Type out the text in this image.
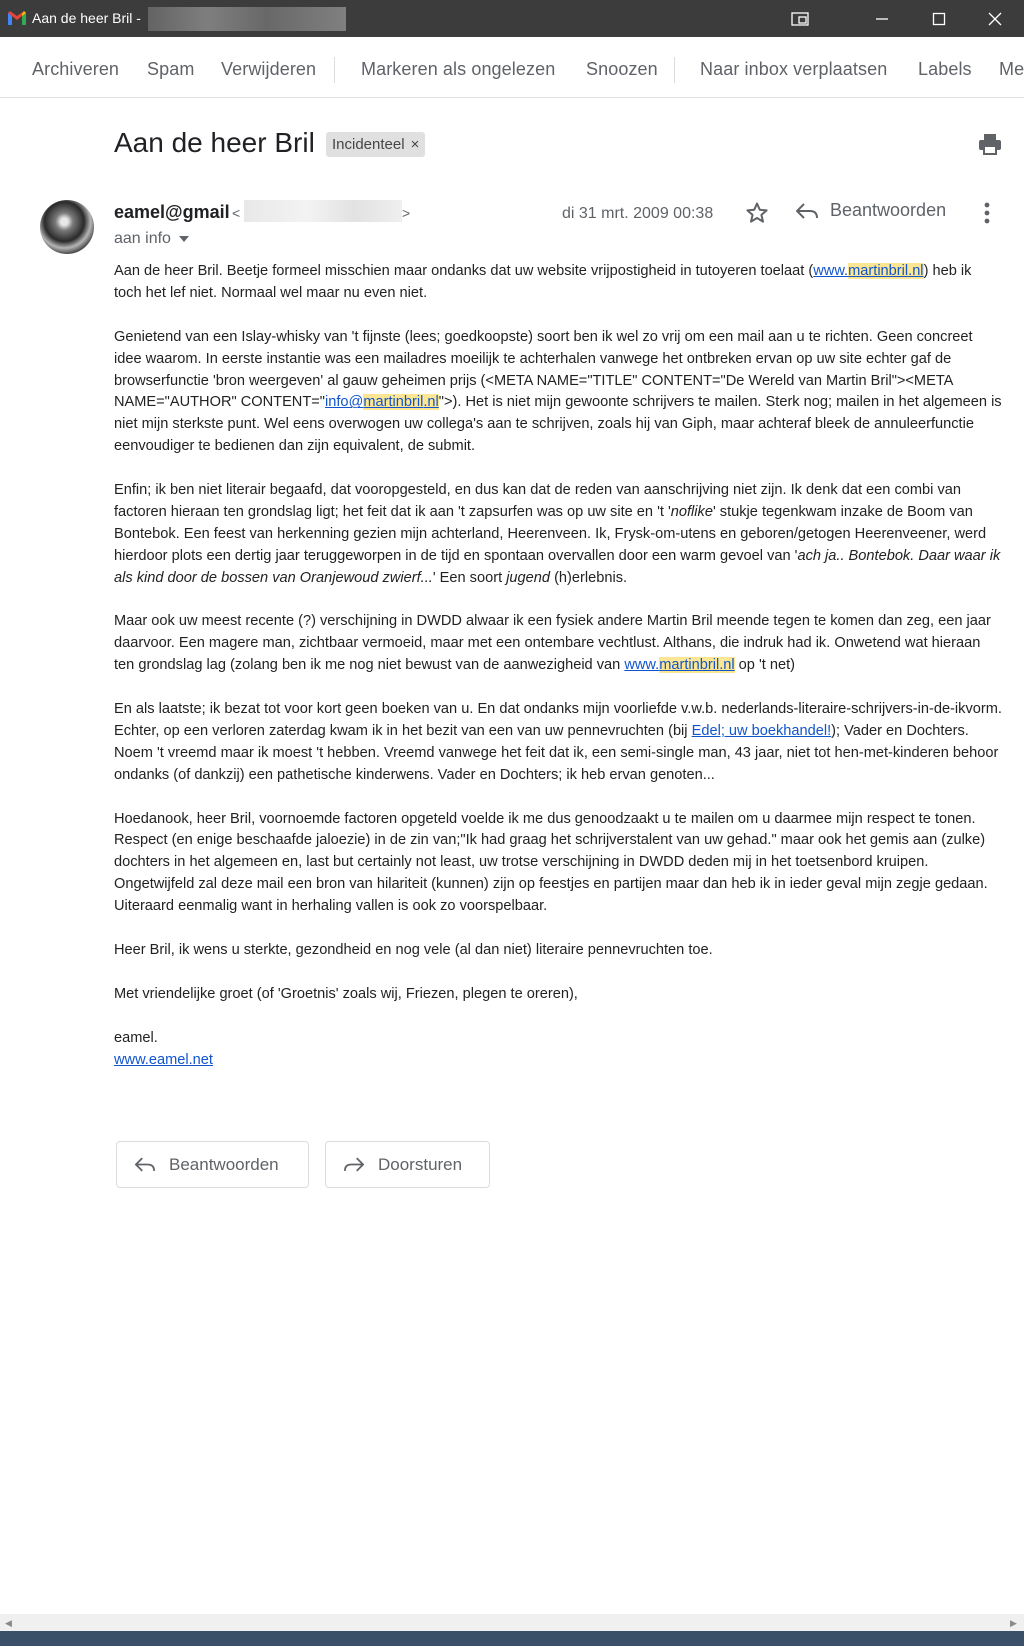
Aan de heer Bril -
Archiveren Spam Verwijderen Markeren als ongelezen Snoozen Naar inbox verplaatsen Labels Me
Aan de heer Bril Incidenteel ×
eamel@gmail <	>
aan info
di 31 mrt. 2009 00:38	Beantwoorden

Aan de heer Bril. Beetje formeel misschien maar ondanks dat uw website vrijpostigheid in tutoyeren toelaat (www.martinbril.nl) heb ik toch het lef niet. Normaal wel maar nu even niet.

Genietend van een Islay-whisky van 't fijnste (lees; goedkoopste) soort ben ik wel zo vrij om een mail aan u te richten. Geen concreet idee waarom. In eerste instantie was een mailadres moeilijk te achterhalen vanwege het ontbreken ervan op uw site echter gaf de browserfunctie 'bron weergeven' al gauw geheimen prijs (<META NAME="TITLE" CONTENT="De Wereld van Martin Bril"><META NAME="AUTHOR" CONTENT="info@martinbril.nl">). Het is niet mijn gewoonte schrijvers te mailen. Sterk nog; mailen in het algemeen is niet mijn sterkste punt. Wel eens overwogen uw collega's aan te schrijven, zoals hij van Giph, maar achteraf bleek de annuleerfunctie eenvoudiger te bedienen dan zijn equivalent, de submit.

Enfin; ik ben niet literair begaafd, dat vooropgesteld, en dus kan dat de reden van aanschrijving niet zijn. Ik denk dat een combi van factoren hieraan ten grondslag ligt; het feit dat ik aan 't zapsurfen was op uw site en 't 'noflike' stukje tegenkwam inzake de Boom van Bontebok. Een feest van herkenning gezien mijn achterland, Heerenveen. Ik, Frysk-om-utens en geboren/getogen Heerenveener, werd hierdoor plots een dertig jaar teruggeworpen in de tijd en spontaan overvallen door een warm gevoel van 'ach ja.. Bontebok. Daar waar ik als kind door de bossen van Oranjewoud zwierf...' Een soort jugend (h)erlebnis.

Maar ook uw meest recente (?) verschijning in DWDD alwaar ik een fysiek andere Martin Bril meende tegen te komen dan zeg, een jaar daarvoor. Een magere man, zichtbaar vermoeid, maar met een ontembare vechtlust. Althans, die indruk had ik. Onwetend wat hieraan ten grondslag lag (zolang ben ik me nog niet bewust van de aanwezigheid van www.martinbril.nl op 't net)

En als laatste; ik bezat tot voor kort geen boeken van u. En dat ondanks mijn voorliefde v.w.b. nederlands-literaire-schrijvers-in-de-ikvorm. Echter, op een verloren zaterdag kwam ik in het bezit van een van uw pennevruchten (bij Edel; uw boekhandel!); Vader en Dochters. Noem 't vreemd maar ik moest 't hebben. Vreemd vanwege het feit dat ik, een semi-single man, 43 jaar, niet tot hen-met-kinderen behoor ondanks (of dankzij) een pathetische kinderwens. Vader en Dochters; ik heb ervan genoten...

Hoedanook, heer Bril, voornoemde factoren opgeteld voelde ik me dus genoodzaakt u te mailen om u daarmee mijn respect te tonen. Respect (en enige beschaafde jaloezie) in de zin van;"Ik had graag het schrijverstalent van uw gehad." maar ook het gemis aan (zulke) dochters in het algemeen en, last but certainly not least, uw trotse verschijning in DWDD deden mij in het toetsenbord kruipen. Ongetwijfeld zal deze mail een bron van hilariteit (kunnen) zijn op feestjes en partijen maar dan heb ik in ieder geval mijn zegje gedaan. Uiteraard eenmalig want in herhaling vallen is ook zo voorspelbaar.

Heer Bril, ik wens u sterkte, gezondheid en nog vele (al dan niet) literaire pennevruchten toe.

Met vriendelijke groet (of 'Groetnis' zoals wij, Friezen, plegen te oreren),

eamel.
www.eamel.net
Beantwoorden	Doorsturen
◀	▶
